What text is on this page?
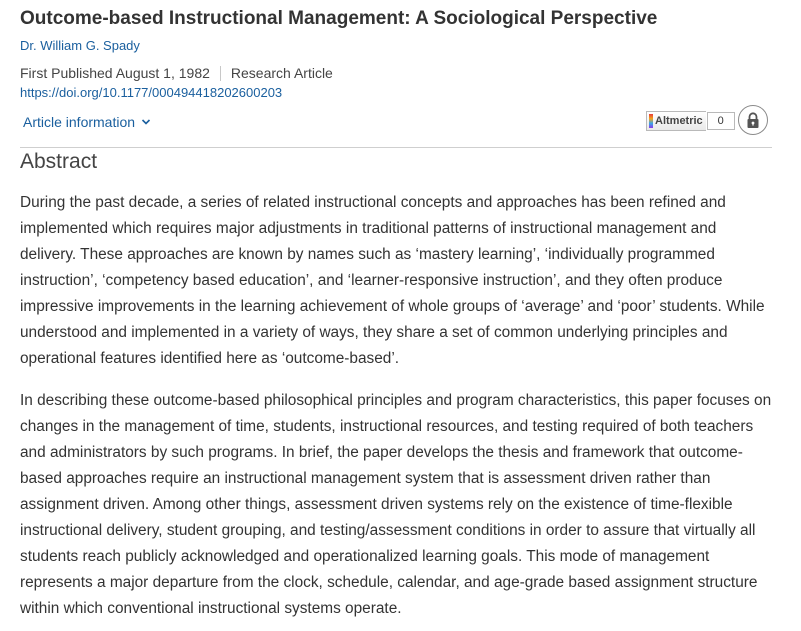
Outcome-based Instructional Management: A Sociological Perspective
Dr. William G. Spady
First Published August 1, 1982 Research Article
https://doi.org/10.1177/000494418202600203
Article information	Altmetric	0
Abstract

During the past decade, a series of related instructional concepts and approaches has been refined and implemented which requires major adjustments in traditional patterns of instructional management and delivery. These approaches are known by names such as ‘mastery learning’, ‘individually programmed instruction’, ‘competency based education’, and ‘learner-responsive instruction’, and they often produce impressive improvements in the learning achievement of whole groups of ‘average’ and ‘poor’ students. While understood and implemented in a variety of ways, they share a set of common underlying principles and operational features identified here as ‘outcome-based’.

In describing these outcome-based philosophical principles and program characteristics, this paper focuses on changes in the management of time, students, instructional resources, and testing required of both teachers and administrators by such programs. In brief, the paper develops the thesis and framework that outcome-based approaches require an instructional management system that is assessment driven rather than assignment driven. Among other things, assessment driven systems rely on the existence of time-flexible instructional delivery, student grouping, and testing/assessment conditions in order to assure that virtually all students reach publicly acknowledged and operationalized learning goals. This mode of management represents a major departure from the clock, schedule, calendar, and age-grade based assignment structure within which conventional instructional systems operate.
